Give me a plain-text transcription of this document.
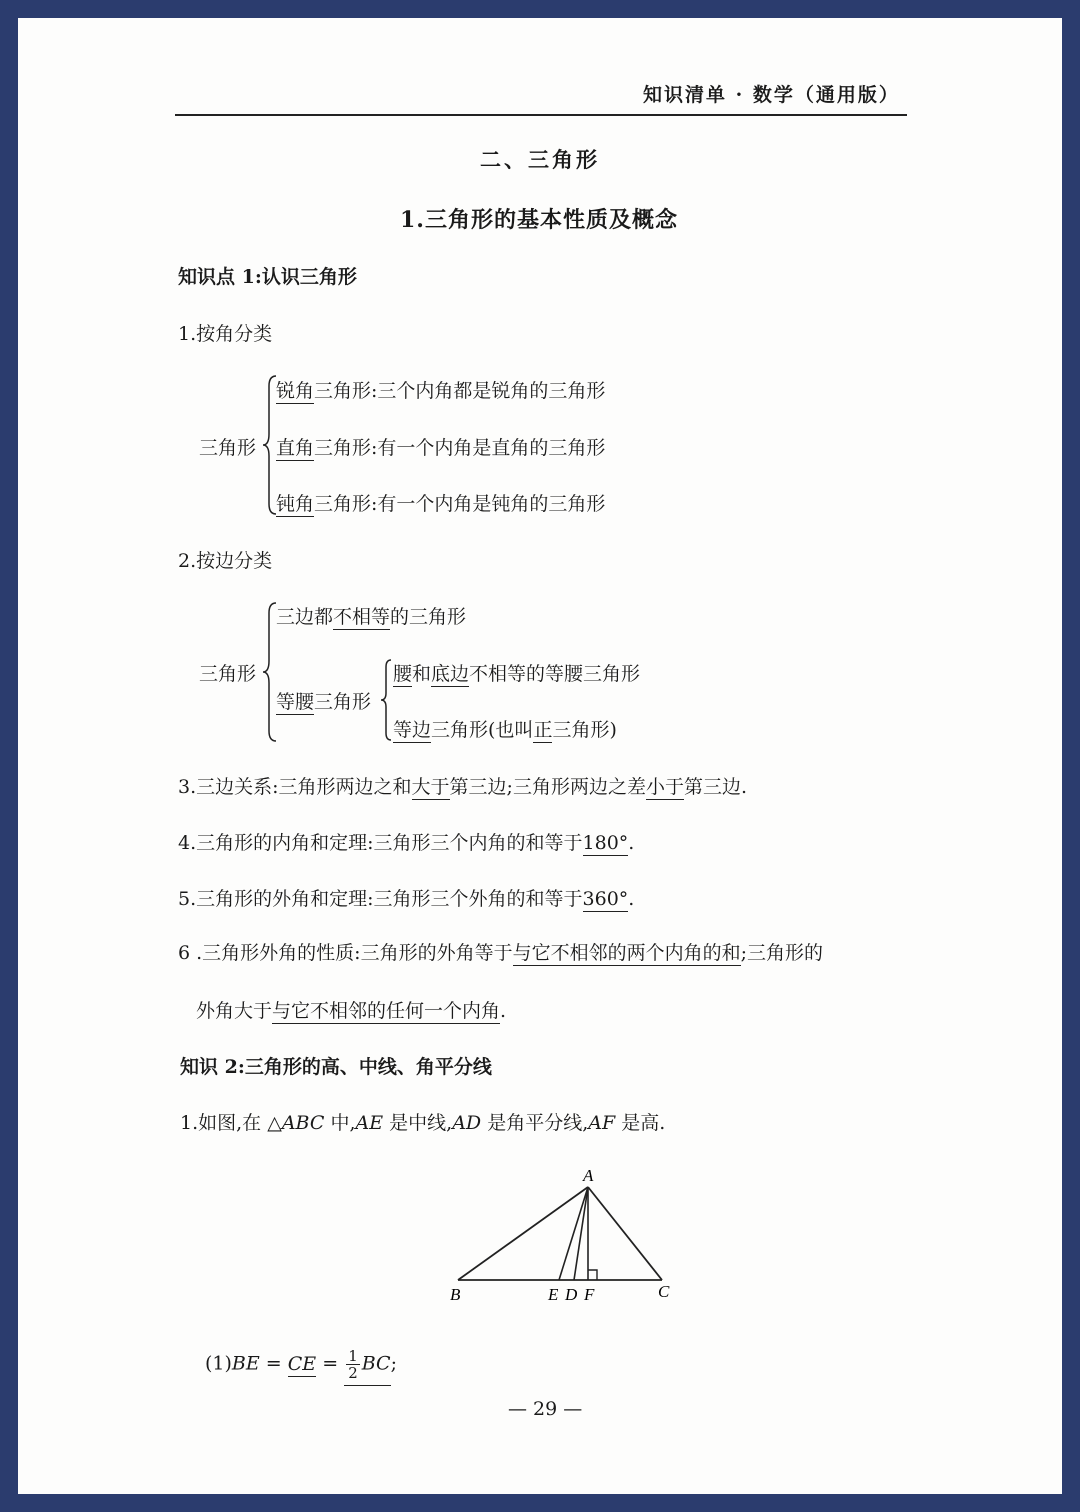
知识清单 · 数学（通用版）
二、三角形
1.三角形的基本性质及概念
知识点 1:认识三角形
1.按角分类
三角形
锐角三角形:三个内角都是锐角的三角形
直角三角形:有一个内角是直角的三角形
钝角三角形:有一个内角是钝角的三角形
2.按边分类
三角形
三边都不相等的三角形
等腰三角形
腰和底边不相等的等腰三角形
等边三角形(也叫正三角形)
3.三边关系:三角形两边之和大于第三边;三角形两边之差小于第三边.
4.三角形的内角和定理:三角形三个内角的和等于180°.
5.三角形的外角和定理:三角形三个外角的和等于360°.
6 .三角形外角的性质:三角形的外角等于与它不相邻的两个内角的和;三角形的
外角大于与它不相邻的任何一个内角.
知识 2:三角形的高、中线、角平分线
1.如图,在 △ABC 中,AE 是中线,AD 是角平分线,AF 是高.
A
B	C
E D F
(1)BE = CE = $\frac{1}{2}$ BC;
— 29 —
